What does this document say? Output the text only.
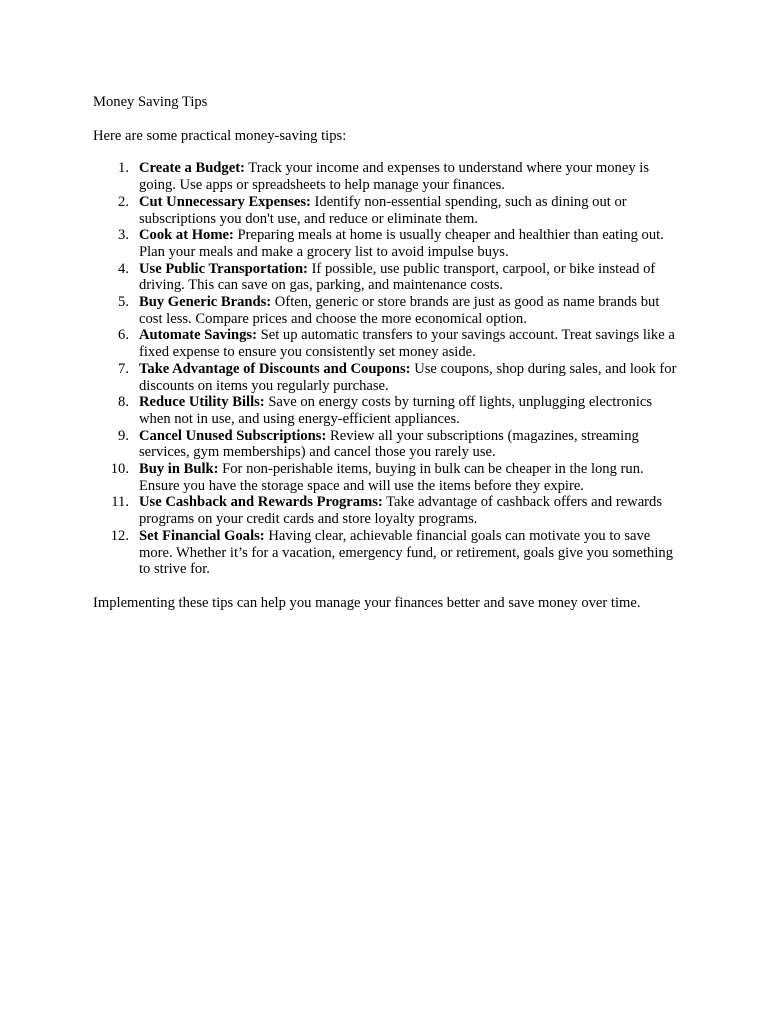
Money Saving Tips

Here are some practical money-saving tips:

1. Create a Budget: Track your income and expenses to understand where your money is going. Use apps or spreadsheets to help manage your finances.
2. Cut Unnecessary Expenses: Identify non-essential spending, such as dining out or subscriptions you don't use, and reduce or eliminate them.
3. Cook at Home: Preparing meals at home is usually cheaper and healthier than eating out. Plan your meals and make a grocery list to avoid impulse buys.
4. Use Public Transportation: If possible, use public transport, carpool, or bike instead of driving. This can save on gas, parking, and maintenance costs.
5. Buy Generic Brands: Often, generic or store brands are just as good as name brands but cost less. Compare prices and choose the more economical option.
6. Automate Savings: Set up automatic transfers to your savings account. Treat savings like a fixed expense to ensure you consistently set money aside.
7. Take Advantage of Discounts and Coupons: Use coupons, shop during sales, and look for discounts on items you regularly purchase.
8. Reduce Utility Bills: Save on energy costs by turning off lights, unplugging electronics when not in use, and using energy-efficient appliances.
9. Cancel Unused Subscriptions: Review all your subscriptions (magazines, streaming services, gym memberships) and cancel those you rarely use.
10. Buy in Bulk: For non-perishable items, buying in bulk can be cheaper in the long run. Ensure you have the storage space and will use the items before they expire.
11. Use Cashback and Rewards Programs: Take advantage of cashback offers and rewards programs on your credit cards and store loyalty programs.
12. Set Financial Goals: Having clear, achievable financial goals can motivate you to save more. Whether it’s for a vacation, emergency fund, or retirement, goals give you something to strive for.

Implementing these tips can help you manage your finances better and save money over time.
